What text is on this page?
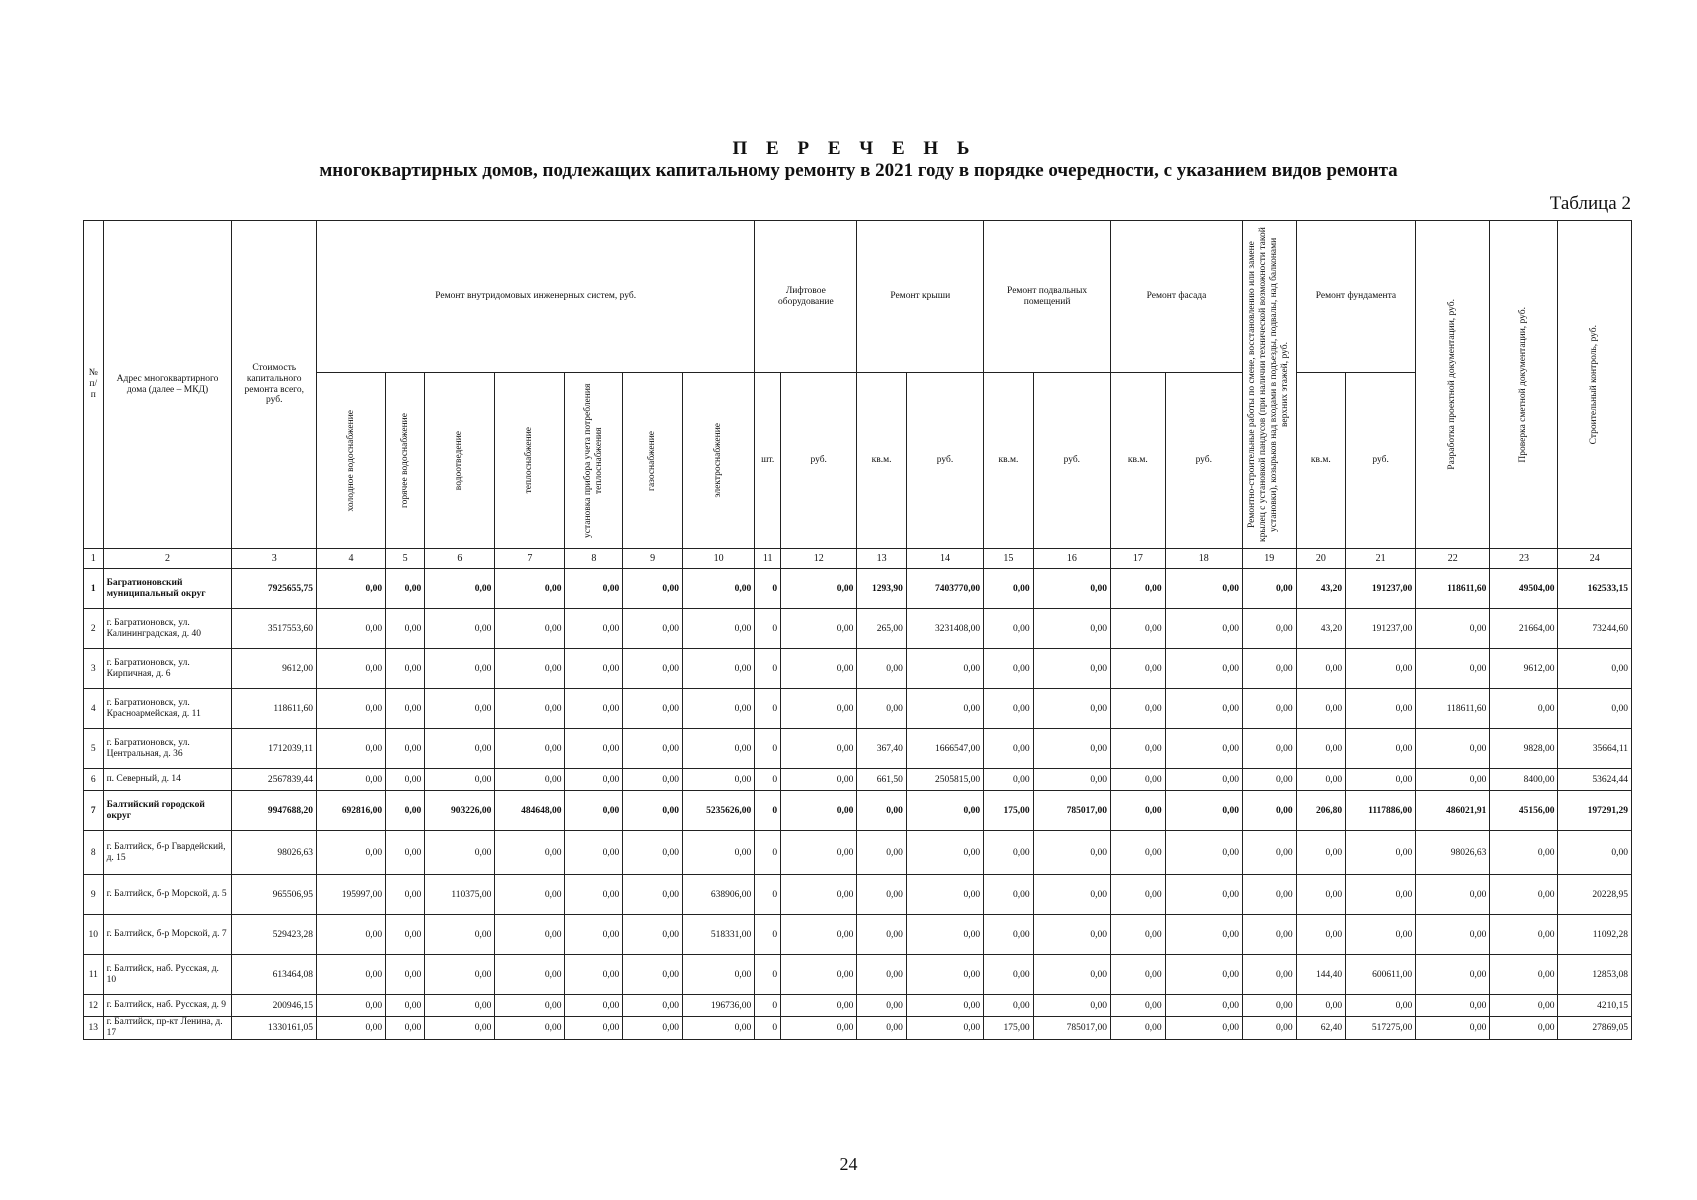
П Е Р Е Ч Е Н Ь
многоквартирных домов, подлежащих капитальному ремонту в 2021 году в порядке очередности, с указанием видов ремонта
Таблица 2
№ п/п	Адрес многоквартирного дома (далее – МКД)	Стоимость капитального ремонта всего, руб.	Ремонт внутридомовых инженерных систем, руб.							Лифтовое оборудование		Ремонт крыши		Ремонт подвальных помещений		Ремонт фасада		Ремонтно-строительные работы по смене, восстановлению или замене крылец с установкой пандусов (при наличии технической возможности такой установки), козырьков над входами в подъезды, подвалы, над балконами верхних этажей, руб.	Ремонт фундамента		Разработка проектной документации, руб.	Проверка сметной документации, руб.	Строительный контроль, руб.

			холодное водоснабжение	горячее водоснабжение	водоотведение	теплоснабжение	установка прибора учета потребления теплоснабжения	газоснабжение	электроснабжение	шт.	руб.	кв.м.	руб.	кв.м.	руб.	кв.м.	руб.		кв.м.	руб.			
1	2	3	4	5	6	7	8	9	10	11	12	13	14	15	16	17	18	19	20	21	22	23	24
1	Багратионовский муниципальный округ	7925655,75	0,00	0,00	0,00	0,00	0,00	0,00	0,00	0	0,00	1293,90	7403770,00	0,00	0,00	0,00	0,00	0,00	43,20	191237,00	118611,60	49504,00	162533,15
2	г. Багратионовск, ул. Калининградская, д. 40	3517553,60	0,00	0,00	0,00	0,00	0,00	0,00	0,00	0	0,00	265,00	3231408,00	0,00	0,00	0,00	0,00	0,00	43,20	191237,00	0,00	21664,00	73244,60
3	г. Багратионовск, ул. Кирпичная, д. 6	9612,00	0,00	0,00	0,00	0,00	0,00	0,00	0,00	0	0,00	0,00	0,00	0,00	0,00	0,00	0,00	0,00	0,00	0,00	0,00	9612,00	0,00
4	г. Багратионовск, ул. Красноармейская, д. 11	118611,60	0,00	0,00	0,00	0,00	0,00	0,00	0,00	0	0,00	0,00	0,00	0,00	0,00	0,00	0,00	0,00	0,00	0,00	118611,60	0,00	0,00
5	г. Багратионовск, ул. Центральная, д. 36	1712039,11	0,00	0,00	0,00	0,00	0,00	0,00	0,00	0	0,00	367,40	1666547,00	0,00	0,00	0,00	0,00	0,00	0,00	0,00	0,00	9828,00	35664,11
6	п. Северный, д. 14	2567839,44	0,00	0,00	0,00	0,00	0,00	0,00	0,00	0	0,00	661,50	2505815,00	0,00	0,00	0,00	0,00	0,00	0,00	0,00	0,00	8400,00	53624,44
7	Балтийский городской округ	9947688,20	692816,00	0,00	903226,00	484648,00	0,00	0,00	5235626,00	0	0,00	0,00	0,00	175,00	785017,00	0,00	0,00	0,00	206,80	1117886,00	486021,91	45156,00	197291,29
8	г. Балтийск, б-р Гвардейский, д. 15	98026,63	0,00	0,00	0,00	0,00	0,00	0,00	0,00	0	0,00	0,00	0,00	0,00	0,00	0,00	0,00	0,00	0,00	0,00	98026,63	0,00	0,00
9	г. Балтийск, б-р Морской, д. 5	965506,95	195997,00	0,00	110375,00	0,00	0,00	0,00	638906,00	0	0,00	0,00	0,00	0,00	0,00	0,00	0,00	0,00	0,00	0,00	0,00	0,00	20228,95
10	г. Балтийск, б-р Морской, д. 7	529423,28	0,00	0,00	0,00	0,00	0,00	0,00	518331,00	0	0,00	0,00	0,00	0,00	0,00	0,00	0,00	0,00	0,00	0,00	0,00	0,00	11092,28
11	г. Балтийск, наб. Русская, д. 10	613464,08	0,00	0,00	0,00	0,00	0,00	0,00	0,00	0	0,00	0,00	0,00	0,00	0,00	0,00	0,00	0,00	144,40	600611,00	0,00	0,00	12853,08
12	г. Балтийск, наб. Русская, д. 9	200946,15	0,00	0,00	0,00	0,00	0,00	0,00	196736,00	0	0,00	0,00	0,00	0,00	0,00	0,00	0,00	0,00	0,00	0,00	0,00	0,00	4210,15
13	г. Балтийск, пр-кт Ленина, д. 17	1330161,05	0,00	0,00	0,00	0,00	0,00	0,00	0,00	0	0,00	0,00	0,00	175,00	785017,00	0,00	0,00	0,00	62,40	517275,00	0,00	0,00	27869,05
24
